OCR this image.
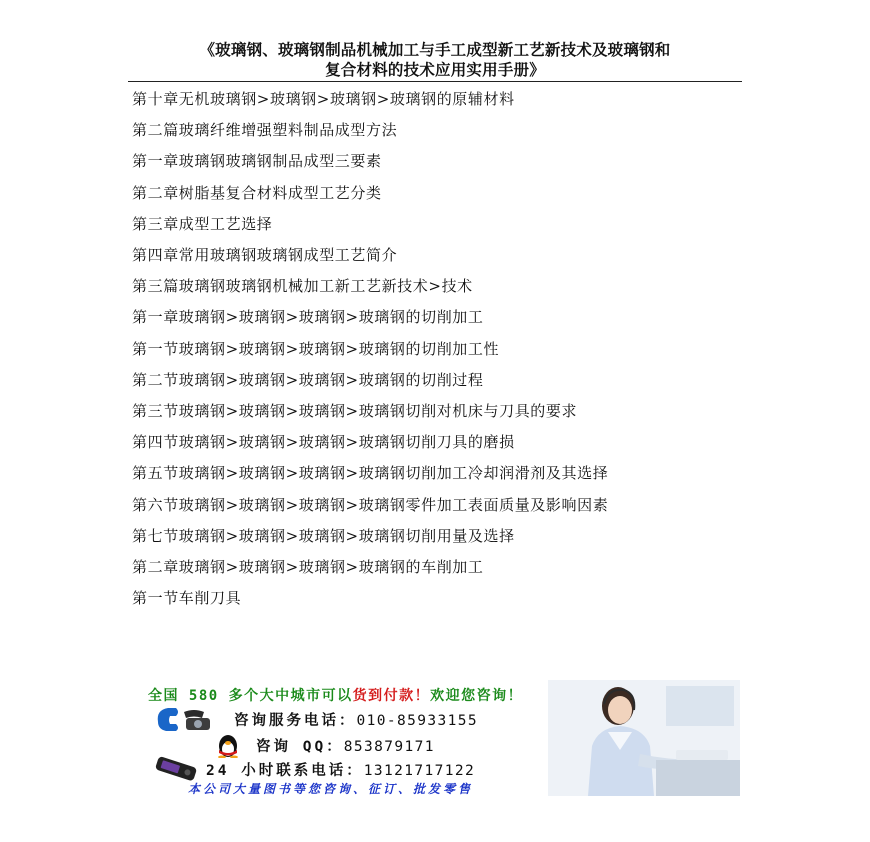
《玻璃钢、玻璃钢制品机械加工与手工成型新工艺新技术及玻璃钢和
复合材料的技术应用实用手册》
第十章无机玻璃钢>玻璃钢>玻璃钢>玻璃钢的原辅材料
第二篇玻璃纤维增强塑料制品成型方法
第一章玻璃钢玻璃钢制品成型三要素
第二章树脂基复合材料成型工艺分类
第三章成型工艺选择
第四章常用玻璃钢玻璃钢成型工艺简介
第三篇玻璃钢玻璃钢机械加工新工艺新技术>技术
第一章玻璃钢>玻璃钢>玻璃钢>玻璃钢的切削加工
第一节玻璃钢>玻璃钢>玻璃钢>玻璃钢的切削加工性
第二节玻璃钢>玻璃钢>玻璃钢>玻璃钢的切削过程
第三节玻璃钢>玻璃钢>玻璃钢>玻璃钢切削对机床与刀具的要求
第四节玻璃钢>玻璃钢>玻璃钢>玻璃钢切削刀具的磨损
第五节玻璃钢>玻璃钢>玻璃钢>玻璃钢切削加工冷却润滑剂及其选择
第六节玻璃钢>玻璃钢>玻璃钢>玻璃钢零件加工表面质量及影响因素
第七节玻璃钢>玻璃钢>玻璃钢>玻璃钢切削用量及选择
第二章玻璃钢>玻璃钢>玻璃钢>玻璃钢的车削加工
第一节车削刀具
全国 580 多个大中城市可以货到付款！欢迎您咨询！
咨询服务电话：010-85933155
咨询 QQ：853879171
24 小时联系电话：13121717122
本公司大量图书等您咨询、征订、批发零售
